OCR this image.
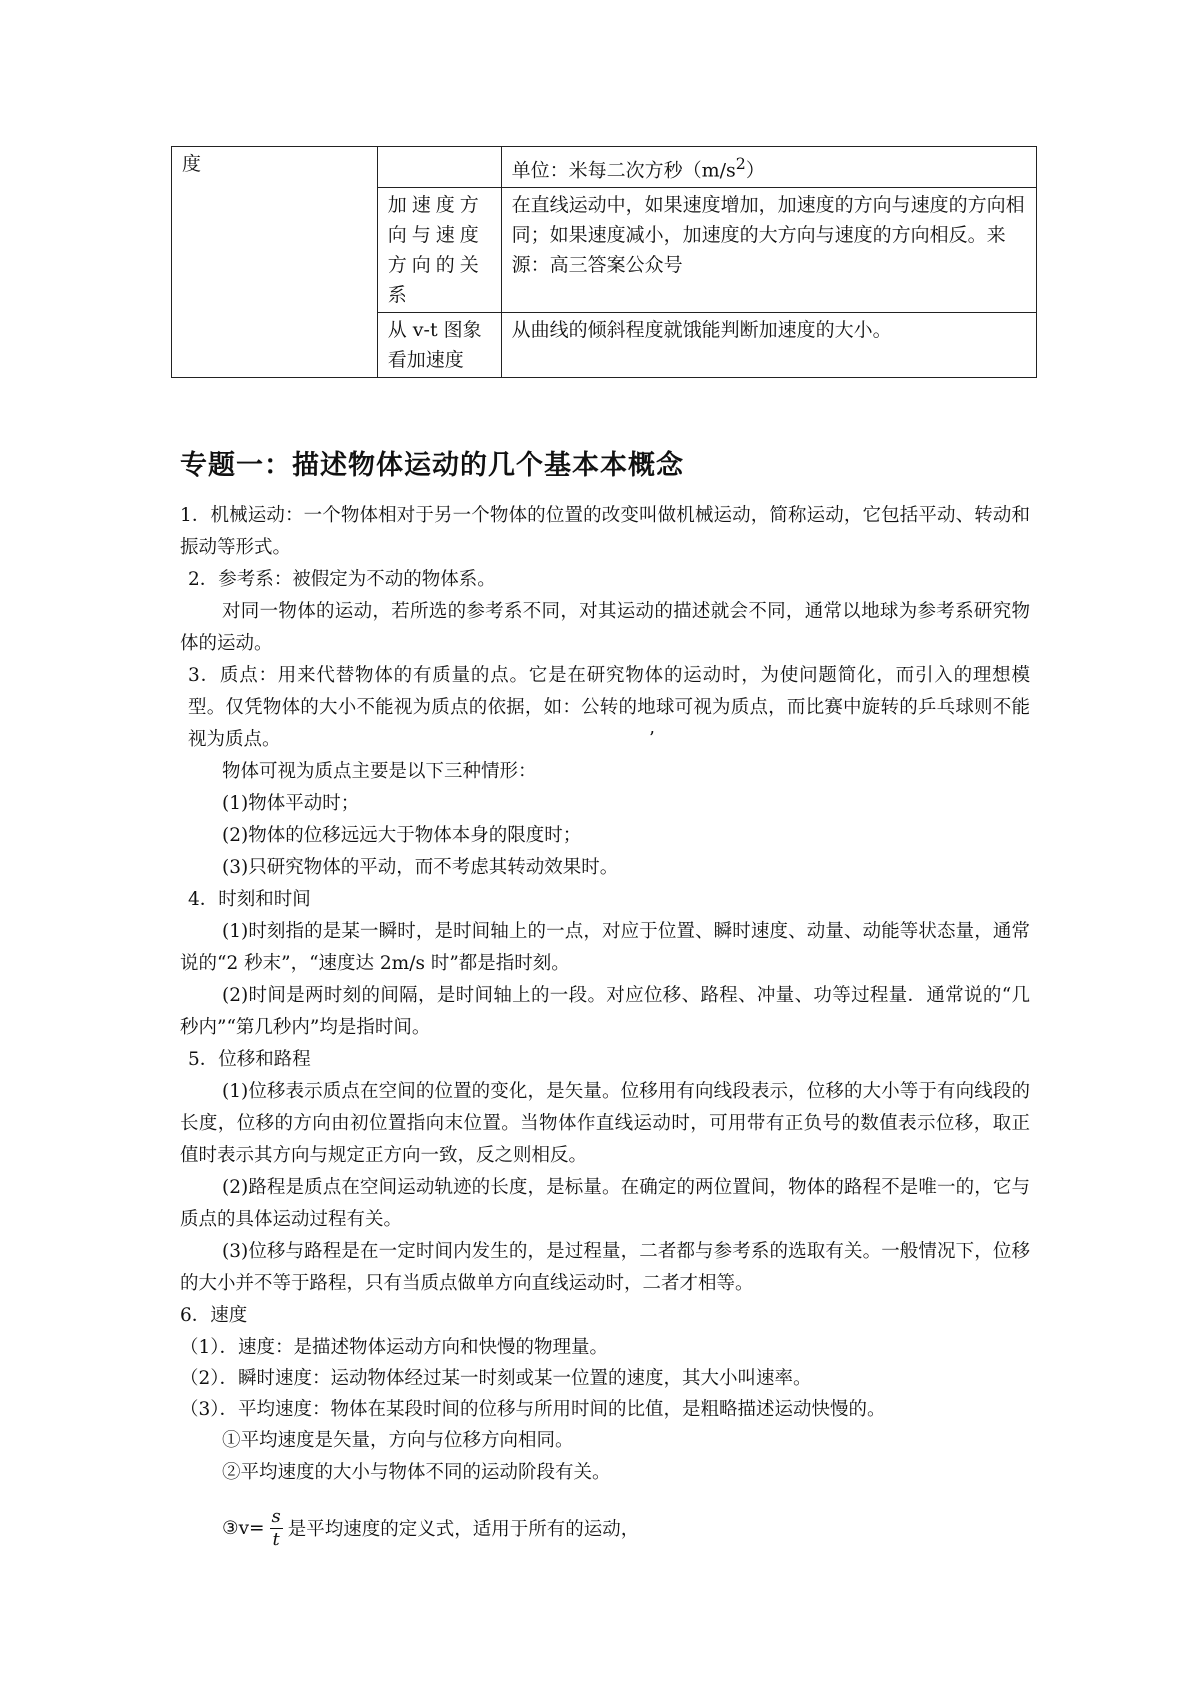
度		单位：米每二次方秒$(m/s^2)$
	加速度方向与速度方向的关系	在直线运动中，如果速度增加，加速度的方向与速度的方向相同；如果速度减小，加速度的大方向与速度的方向相反。来源：高三答案公众号
	从 v-t 图象看加速度	从曲线的倾斜程度就饿能判断加速度的大小。
专题一：描述物体运动的几个基本本概念

1．机械运动：一个物体相对于另一个物体的位置的改变叫做机械运动，简称运动，它包括平动、转动和振动等形式。

2．参考系：被假定为不动的物体系。

对同一物体的运动，若所选的参考系不同，对其运动的描述就会不同，通常以地球为参考系研究物体的运动。

3．质点：用来代替物体的有质量的点。它是在研究物体的运动时，为使问题简化，而引入的理想模型。仅凭物体的大小不能视为质点的依据，如：公转的地球可视为质点，而比赛中旋转的乒乓球则不能视为质点。

物体可视为质点主要是以下三种情形：

(1)物体平动时；

(2)物体的位移远远大于物体本身的限度时；

(3)只研究物体的平动，而不考虑其转动效果时。

4．时刻和时间

(1)时刻指的是某一瞬时，是时间轴上的一点，对应于位置、瞬时速度、动量、动能等状态量，通常说的“2 秒末”，“速度达 2m/s 时”都是指时刻。

(2)时间是两时刻的间隔，是时间轴上的一段。对应位移、路程、冲量、功等过程量．通常说的“几秒内”“第几秒内”均是指时间。

5．位移和路程

(1)位移表示质点在空间的位置的变化，是矢量。位移用有向线段表示，位移的大小等于有向线段的长度，位移的方向由初位置指向末位置。当物体作直线运动时，可用带有正负号的数值表示位移，取正值时表示其方向与规定正方向一致，反之则相反。

(2)路程是质点在空间运动轨迹的长度，是标量。在确定的两位置间，物体的路程不是唯一的，它与质点的具体运动过程有关。

(3)位移与路程是在一定时间内发生的，是过程量，二者都与参考系的选取有关。一般情况下，位移的大小并不等于路程，只有当质点做单方向直线运动时，二者才相等。

6．速度

（1）．速度：是描述物体运动方向和快慢的物理量。

（2）．瞬时速度：运动物体经过某一时刻或某一位置的速度，其大小叫速率。

（3）．平均速度：物体在某段时间的位移与所用时间的比值，是粗略描述运动快慢的。

①平均速度是矢量，方向与位移方向相同。

②平均速度的大小与物体不同的运动阶段有关。

③v= $\frac{s}{t}$ 是平均速度的定义式，适用于所有的运动，
’
